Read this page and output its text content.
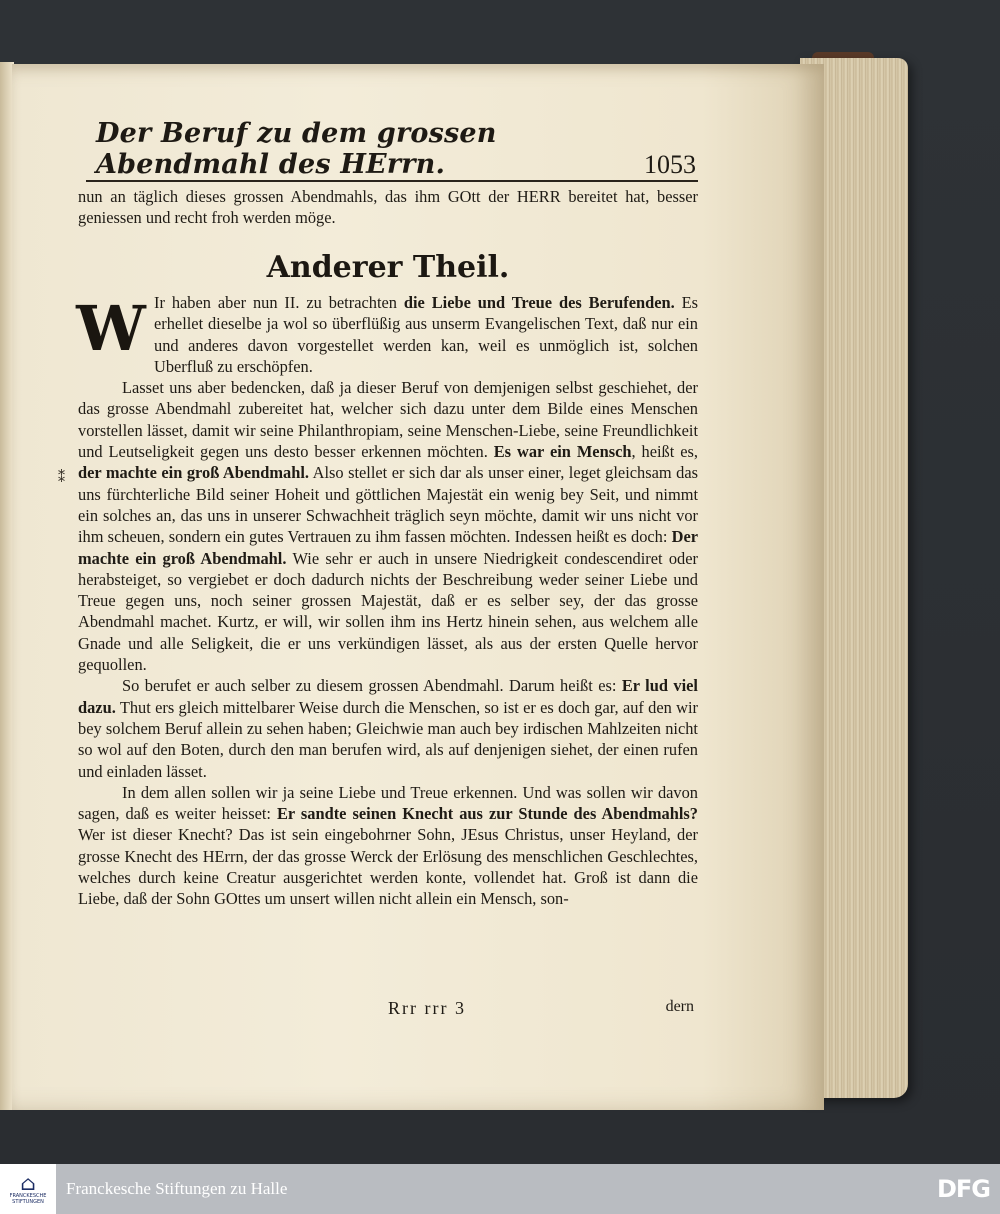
Der Beruf zu dem grossen Abendmahl des HErrn.	1053
nun an täglich dieses grossen Abendmahls, das ihm GOtt der HERR bereitet hat, besser geniessen und recht froh werden möge.
Anderer Theil.
⁑

W Ir haben aber nun II. zu betrachten die Liebe und Treue des Berufenden. Es erhellet dieselbe ja wol so überflüßig aus unserm Evangelischen Text, daß nur ein und anderes davon vorgestellet werden kan, weil es unmöglich ist, solchen Uberfluß zu erschöpfen.

Lasset uns aber bedencken, daß ja dieser Beruf von demjenigen selbst geschiehet, der das grosse Abendmahl zubereitet hat, welcher sich dazu unter dem Bilde eines Menschen vorstellen lässet, damit wir seine Philanthropiam, seine Menschen-Liebe, seine Freundlichkeit und Leutseligkeit gegen uns desto besser erkennen möchten. Es war ein Mensch, heißt es, der machte ein groß Abendmahl. Also stellet er sich dar als unser einer, leget gleichsam das uns fürchterliche Bild seiner Hoheit und göttlichen Majestät ein wenig bey Seit, und nimmt ein solches an, das uns in unserer Schwachheit träglich seyn möchte, damit wir uns nicht vor ihm scheuen, sondern ein gutes Vertrauen zu ihm fassen möchten. Indessen heißt es doch: Der machte ein groß Abendmahl. Wie sehr er auch in unsere Niedrigkeit condescendiret oder herabsteiget, so vergiebet er doch dadurch nichts der Beschreibung weder seiner Liebe und Treue gegen uns, noch seiner grossen Majestät, daß er es selber sey, der das grosse Abendmahl machet. Kurtz, er will, wir sollen ihm ins Hertz hinein sehen, aus welchem alle Gnade und alle Seligkeit, die er uns verkündigen lässet, als aus der ersten Quelle hervor gequollen.

So berufet er auch selber zu diesem grossen Abendmahl. Darum heißt es: Er lud viel dazu. Thut ers gleich mittelbarer Weise durch die Menschen, so ist er es doch gar, auf den wir bey solchem Beruf allein zu sehen haben; Gleichwie man auch bey irdischen Mahlzeiten nicht so wol auf den Boten, durch den man berufen wird, als auf denjenigen siehet, der einen rufen und einladen lässet.

In dem allen sollen wir ja seine Liebe und Treue erkennen. Und was sollen wir davon sagen, daß es weiter heisset: Er sandte seinen Knecht aus zur Stunde des Abendmahls? Wer ist dieser Knecht? Das ist sein eingebohrner Sohn, JEsus Christus, unser Heyland, der grosse Knecht des HErrn, der das grosse Werck der Erlösung des menschlichen Geschlechtes, welches durch keine Creatur ausgerichtet werden konte, vollendet hat. Groß ist dann die Liebe, daß der Sohn GOttes um unsert willen nicht allein ein Mensch, son-

Rrr rrr 3	dern
⌂
FRANCKESCHE STIFTUNGEN
Franckesche Stiftungen zu Halle	DFG
